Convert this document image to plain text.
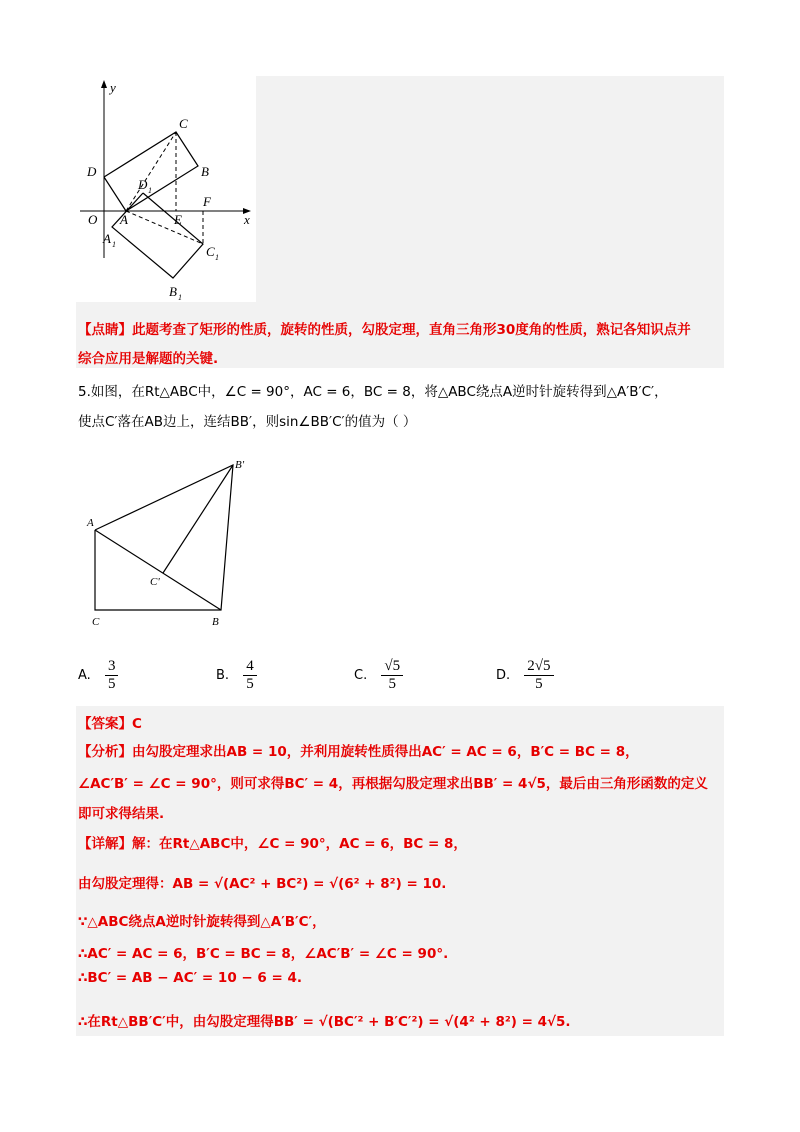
y
x
C
B
D
D 1
O A	E
F
A 1	C 1
B 1
【点睛】此题考查了矩形的性质，旋转的性质，勾股定理，直角三角形30度角的性质，熟记各知识点并
综合应用是解题的关键.
5.如图，在Rt△ABC中，∠C = 90°，AC = 6，BC = 8，将△ABC绕点A逆时针旋转得到△A′B′C′，
使点C′落在AB边上，连结BB′，则sin∠BB′C′的值为（ ）
A
B'
C'
C	B
A. $\frac{3}{5}$	B. $\frac{4}{5}$	C. $\frac{√5}{5}$	D. $\frac{2√5}{5}$
【答案】C
【分析】由勾股定理求出AB = 10，并利用旋转性质得出AC′ = AC = 6，B′C = BC = 8，
∠AC′B′ = ∠C = 90°，则可求得BC′ = 4，再根据勾股定理求出BB′ = 4√5，最后由三角形函数的定义
即可求得结果.
【详解】解：在Rt△ABC中，∠C = 90°，AC = 6，BC = 8，
由勾股定理得：AB = √(AC² + BC²) = √(6² + 8²) = 10.
∵△ABC绕点A逆时针旋转得到△A′B′C′，
∴AC′ = AC = 6，B′C = BC = 8，∠AC′B′ = ∠C = 90°.
∴BC′ = AB − AC′ = 10 − 6 = 4.
∴在Rt△BB′C′中，由勾股定理得BB′ = √(BC′² + B′C′²) = √(4² + 8²) = 4√5.
